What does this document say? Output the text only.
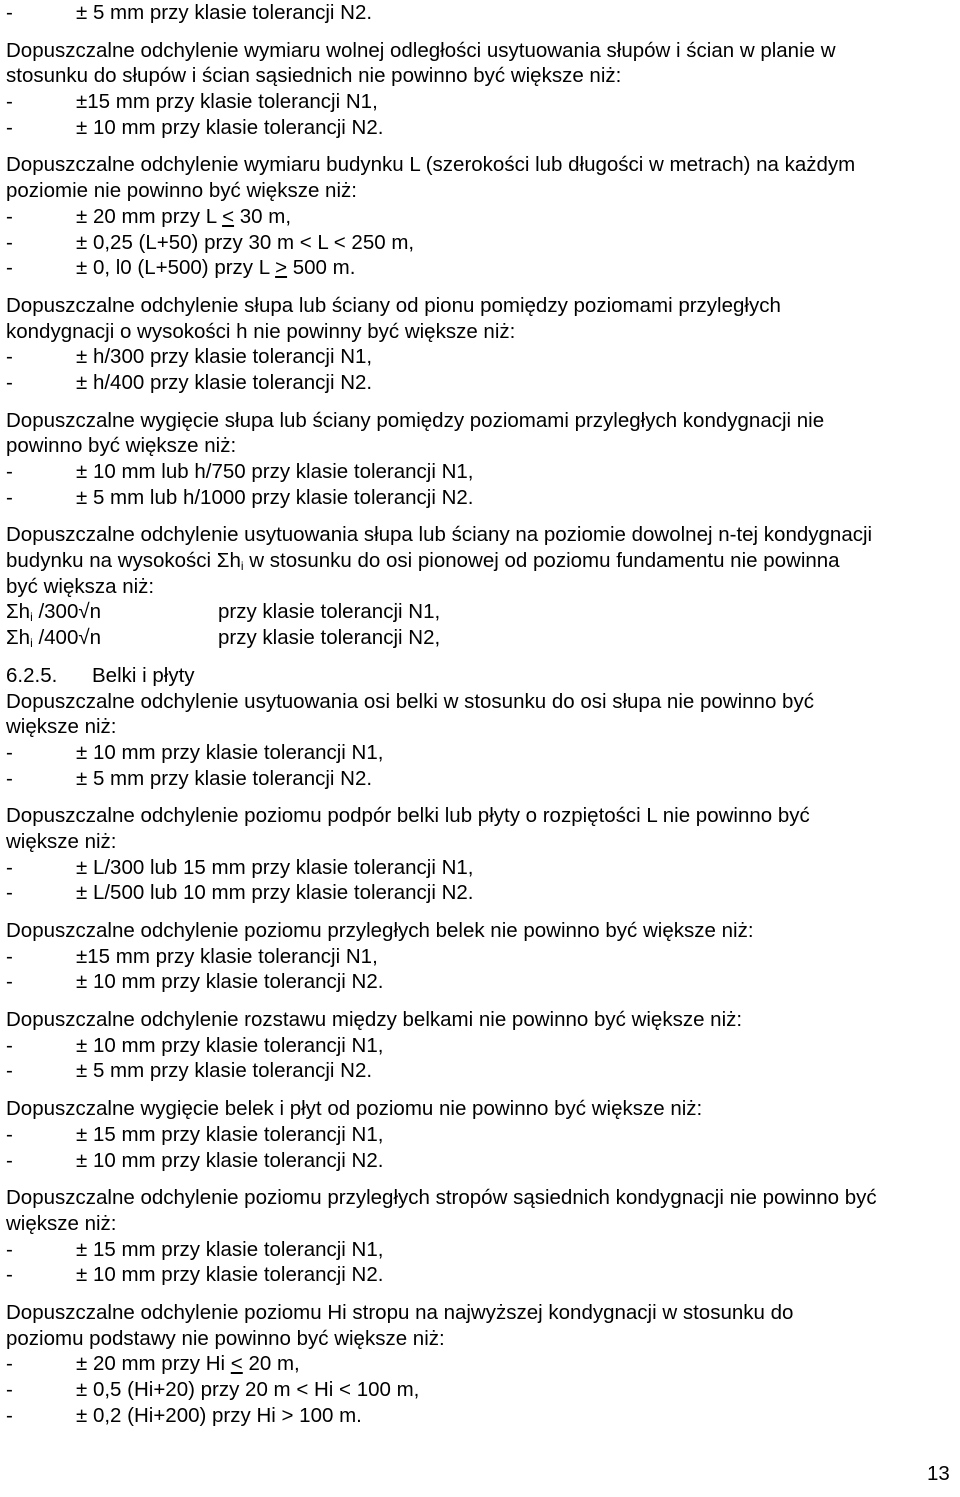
-	± 5 mm przy klasie tolerancji N2.
Dopuszczalne odchylenie wymiaru wolnej odległości usytuowania słupów i ścian w planie w
stosunku do słupów i ścian sąsiednich nie powinno być większe niż:
-	±15 mm przy klasie tolerancji N1,
-	± 10 mm przy klasie tolerancji N2.
Dopuszczalne odchylenie wymiaru budynku L (szerokości lub długości w metrach) na każdym
poziomie nie powinno być większe niż:
-	± 20 mm przy L < 30 m,
-	± 0,25 (L+50) przy 30 m < L < 250 m,
-	± 0, l0 (L+500) przy L > 500 m.
Dopuszczalne odchylenie słupa lub ściany od pionu pomiędzy poziomami przyległych
kondygnacji o wysokości h nie powinny być większe niż:
-	± h/300 przy klasie tolerancji N1,
-	± h/400 przy klasie tolerancji N2.
Dopuszczalne wygięcie słupa lub ściany pomiędzy poziomami przyległych kondygnacji nie
powinno być większe niż:
-	± 10 mm lub h/750 przy klasie tolerancji N1,
-	± 5 mm lub h/1000 przy klasie tolerancji N2.
Dopuszczalne odchylenie usytuowania słupa lub ściany na poziomie dowolnej n-tej kondygnacji
budynku na wysokości $\Sigma h_i$ w stosunku do osi pionowej od poziomu fundamentu nie powinna
być większa niż:
$\Sigma h_i$ /300√n	przy klasie tolerancji N1,
$\Sigma h_i$ /400√n	przy klasie tolerancji N2,
6.2.5. Belki i płyty
Dopuszczalne odchylenie usytuowania osi belki w stosunku do osi słupa nie powinno być
większe niż:
-	± 10 mm przy klasie tolerancji N1,
-	± 5 mm przy klasie tolerancji N2.
Dopuszczalne odchylenie poziomu podpór belki lub płyty o rozpiętości L nie powinno być
większe niż:
-	± L/300 lub 15 mm przy klasie tolerancji N1,
-	± L/500 lub 10 mm przy klasie tolerancji N2.
Dopuszczalne odchylenie poziomu przyległych belek nie powinno być większe niż:
-	±15 mm przy klasie tolerancji N1,
-	± 10 mm przy klasie tolerancji N2.
Dopuszczalne odchylenie rozstawu między belkami nie powinno być większe niż:
-	± 10 mm przy klasie tolerancji N1,
-	± 5 mm przy klasie tolerancji N2.
Dopuszczalne wygięcie belek i płyt od poziomu nie powinno być większe niż:
-	± 15 mm przy klasie tolerancji N1,
-	± 10 mm przy klasie tolerancji N2.
Dopuszczalne odchylenie poziomu przyległych stropów sąsiednich kondygnacji nie powinno być
większe niż:
-	± 15 mm przy klasie tolerancji N1,
-	± 10 mm przy klasie tolerancji N2.
Dopuszczalne odchylenie poziomu Hi stropu na najwyższej kondygnacji w stosunku do
poziomu podstawy nie powinno być większe niż:
-	± 20 mm przy Hi < 20 m,
-	± 0,5 (Hi+20) przy 20 m < Hi < 100 m,
-	± 0,2 (Hi+200) przy Hi > 100 m.
13
